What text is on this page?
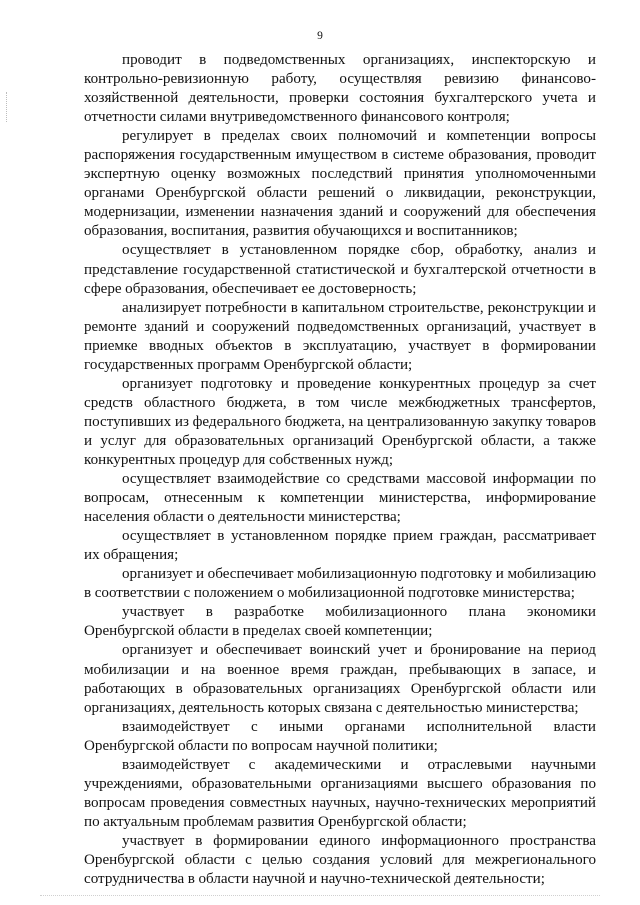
9

проводит в подведомственных организациях, инспекторскую и контрольно-ревизионную работу, осуществляя ревизию финансово-хозяйственной деятельности, проверки состояния бухгалтерского учета и отчетности силами внутриведомственного финансового контроля;

регулирует в пределах своих полномочий и компетенции вопросы распоряжения государственным имуществом в системе образования, проводит экспертную оценку возможных последствий принятия уполномоченными органами Оренбургской области решений о ликвидации, реконструкции, модернизации, изменении назначения зданий и сооружений для обеспечения образования, воспитания, развития обучающихся и воспитанников;

осуществляет в установленном порядке сбор, обработку, анализ и представление государственной статистической и бухгалтерской отчетности в сфере образования, обеспечивает ее достоверность;

анализирует потребности в капитальном строительстве, реконструкции и ремонте зданий и сооружений подведомственных организаций, участвует в приемке вводных объектов в эксплуатацию, участвует в формировании государственных программ Оренбургской области;

организует подготовку и проведение конкурентных процедур за счет средств областного бюджета, в том числе межбюджетных трансфертов, поступивших из федерального бюджета, на централизованную закупку товаров и услуг для образовательных организаций Оренбургской области, а также конкурентных процедур для собственных нужд;

осуществляет взаимодействие со средствами массовой информации по вопросам, отнесенным к компетенции министерства, информирование населения области о деятельности министерства;

осуществляет в установленном порядке прием граждан, рассматривает их обращения;

организует и обеспечивает мобилизационную подготовку и мобилизацию в соответствии с положением о мобилизационной подготовке министерства;

участвует в разработке мобилизационного плана экономики Оренбургской области в пределах своей компетенции;

организует и обеспечивает воинский учет и бронирование на период мобилизации и на военное время граждан, пребывающих в запасе, и работающих в образовательных организациях Оренбургской области или организациях, деятельность которых связана с деятельностью министерства;

взаимодействует с иными органами исполнительной власти Оренбургской области по вопросам научной политики;

взаимодействует с академическими и отраслевыми научными учреждениями, образовательными организациями высшего образования по вопросам проведения совместных научных, научно-технических мероприятий по актуальным проблемам развития Оренбургской области;

участвует в формировании единого информационного пространства Оренбургской области с целью создания условий для межрегионального сотрудничества в области научной и научно-технической деятельности;
